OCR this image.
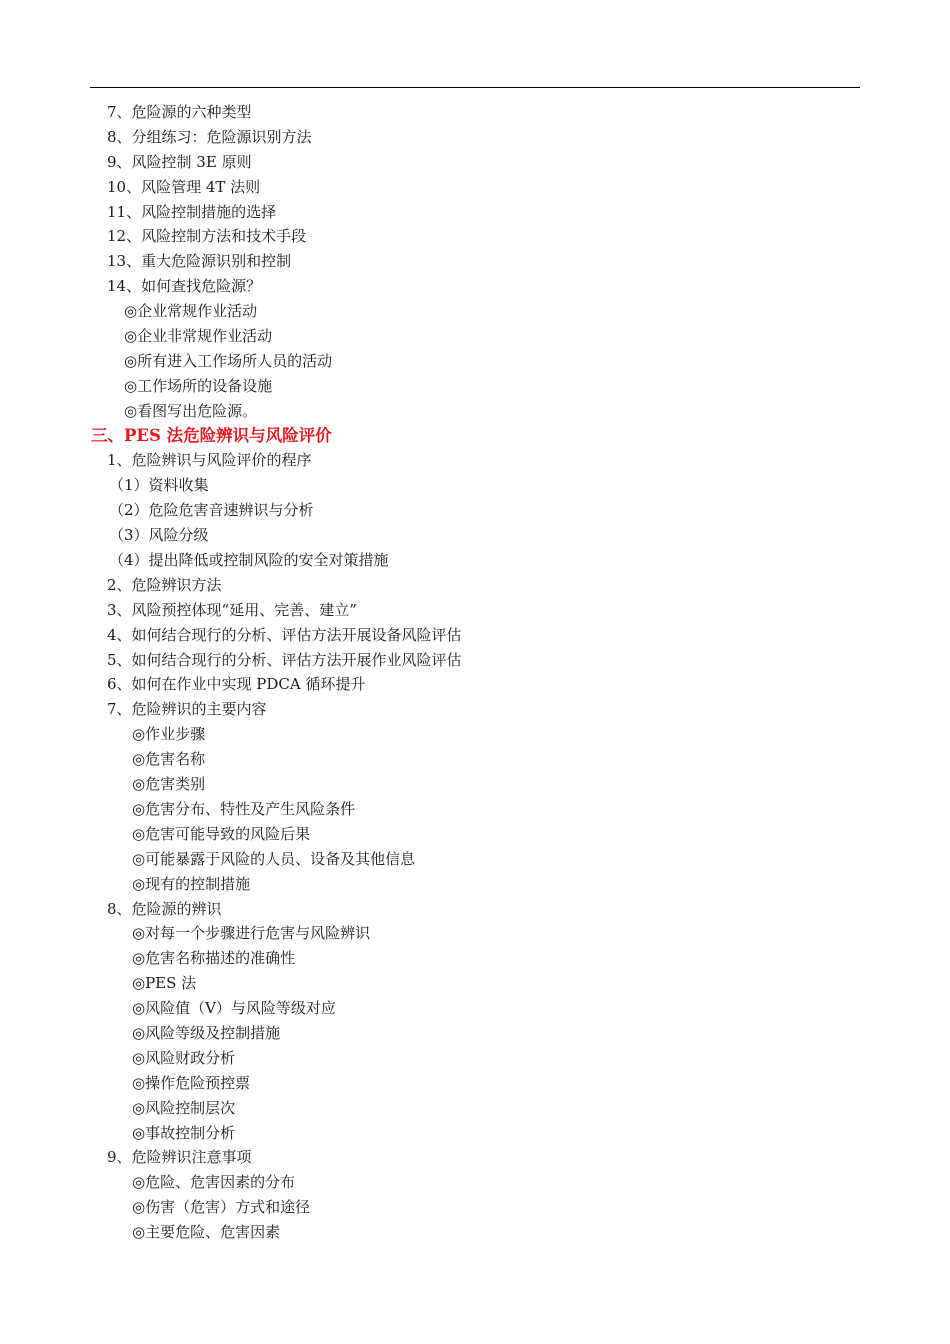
7、危险源的六种类型
8、分组练习：危险源识别方法
9、风险控制 3E 原则
10、风险管理 4T 法则
11、风险控制措施的选择
12、风险控制方法和技术手段
13、重大危险源识别和控制
14、如何查找危险源？
◎企业常规作业活动
◎企业非常规作业活动
◎所有进入工作场所人员的活动
◎工作场所的设备设施
◎看图写出危险源。
三、PES 法危险辨识与风险评价
1、危险辨识与风险评价的程序
（1）资料收集
（2）危险危害音速辨识与分析
（3）风险分级
（4）提出降低或控制风险的安全对策措施
2、危险辨识方法
3、风险预控体现“延用、完善、建立”
4、如何结合现行的分析、评估方法开展设备风险评估
5、如何结合现行的分析、评估方法开展作业风险评估
6、如何在作业中实现 PDCA 循环提升
7、危险辨识的主要内容
◎作业步骤
◎危害名称
◎危害类别
◎危害分布、特性及产生风险条件
◎危害可能导致的风险后果
◎可能暴露于风险的人员、设备及其他信息
◎现有的控制措施
8、危险源的辨识
◎对每一个步骤进行危害与风险辨识
◎危害名称描述的准确性
◎PES 法
◎风险值（V）与风险等级对应
◎风险等级及控制措施
◎风险财政分析
◎操作危险预控票
◎风险控制层次
◎事故控制分析
9、危险辨识注意事项
◎危险、危害因素的分布
◎伤害（危害）方式和途径
◎主要危险、危害因素
